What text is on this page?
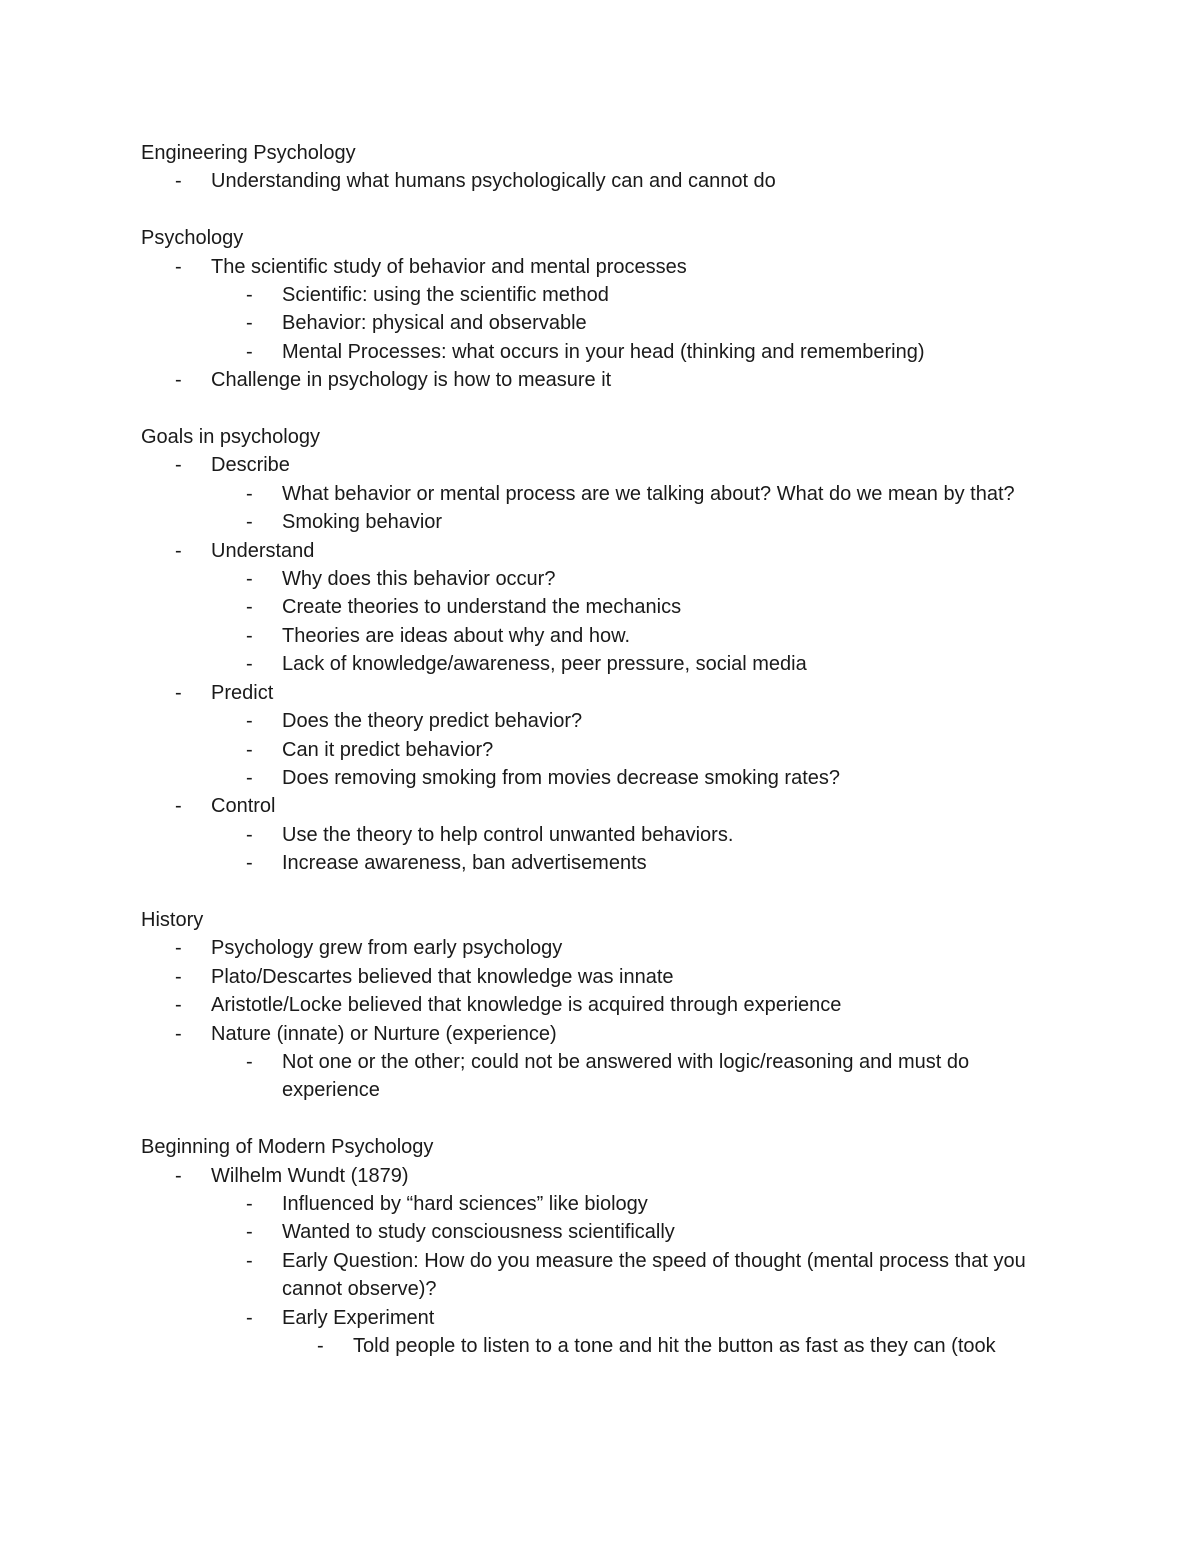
Engineering Psychology
-	Understanding what humans psychologically can and cannot do
Psychology
-	The scientific study of behavior and mental processes
-	Scientific: using the scientific method
-	Behavior: physical and observable
-	Mental Processes: what occurs in your head (thinking and remembering)
-	Challenge in psychology is how to measure it
Goals in psychology
-	Describe
-	What behavior or mental process are we talking about? What do we mean by that?
-	Smoking behavior
-	Understand
-	Why does this behavior occur?
-	Create theories to understand the mechanics
-	Theories are ideas about why and how.
-	Lack of knowledge/awareness, peer pressure, social media
-	Predict
-	Does the theory predict behavior?
-	Can it predict behavior?
-	Does removing smoking from movies decrease smoking rates?
-	Control
-	Use the theory to help control unwanted behaviors.
-	Increase awareness, ban advertisements
History
-	Psychology grew from early psychology
-	Plato/Descartes believed that knowledge was innate
-	Aristotle/Locke believed that knowledge is acquired through experience
-	Nature (innate) or Nurture (experience)
-	Not one or the other; could not be answered with logic/reasoning and must do experience
Beginning of Modern Psychology
-	Wilhelm Wundt (1879)
-	Influenced by “hard sciences” like biology
-	Wanted to study consciousness scientifically
-	Early Question: How do you measure the speed of thought (mental process that you cannot observe)?
-	Early Experiment
-	Told people to listen to a tone and hit the button as fast as they can (took
